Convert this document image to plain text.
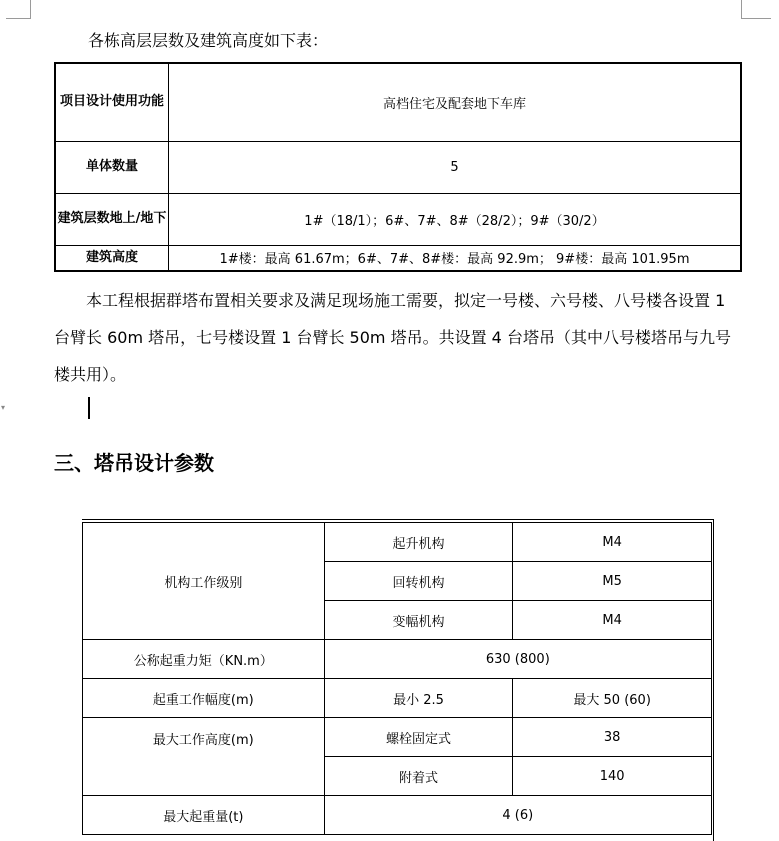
各栋高层层数及建筑高度如下表：
项目设计使用功能	高档住宅及配套地下车库
单体数量	5
建筑层数地上/地下	1#（18/1）；6#、7#、8#（28/2）；9#（30/2）
建筑高度	1#楼：最高 61.67m；6#、7#、8#楼：最高 92.9m； 9#楼：最高 101.95m
本工程根据群塔布置相关要求及满足现场施工需要，拟定一号楼、六号楼、八号楼各设置 1 台臂长 60m 塔吊，七号楼设置 1 台臂长 50m 塔吊。共设置 4 台塔吊（其中八号楼塔吊与九号楼共用）。
▾
三、塔吊设计参数
机构工作级别	起升机构	M4
	回转机构	M5
	变幅机构	M4
公称起重力矩（KN.m）	630 (800)	
起重工作幅度(m)	最小 2.5	最大 50 (60)
最大工作高度(m)	螺栓固定式	38
	附着式	140
最大起重量(t)	4 (6)	
